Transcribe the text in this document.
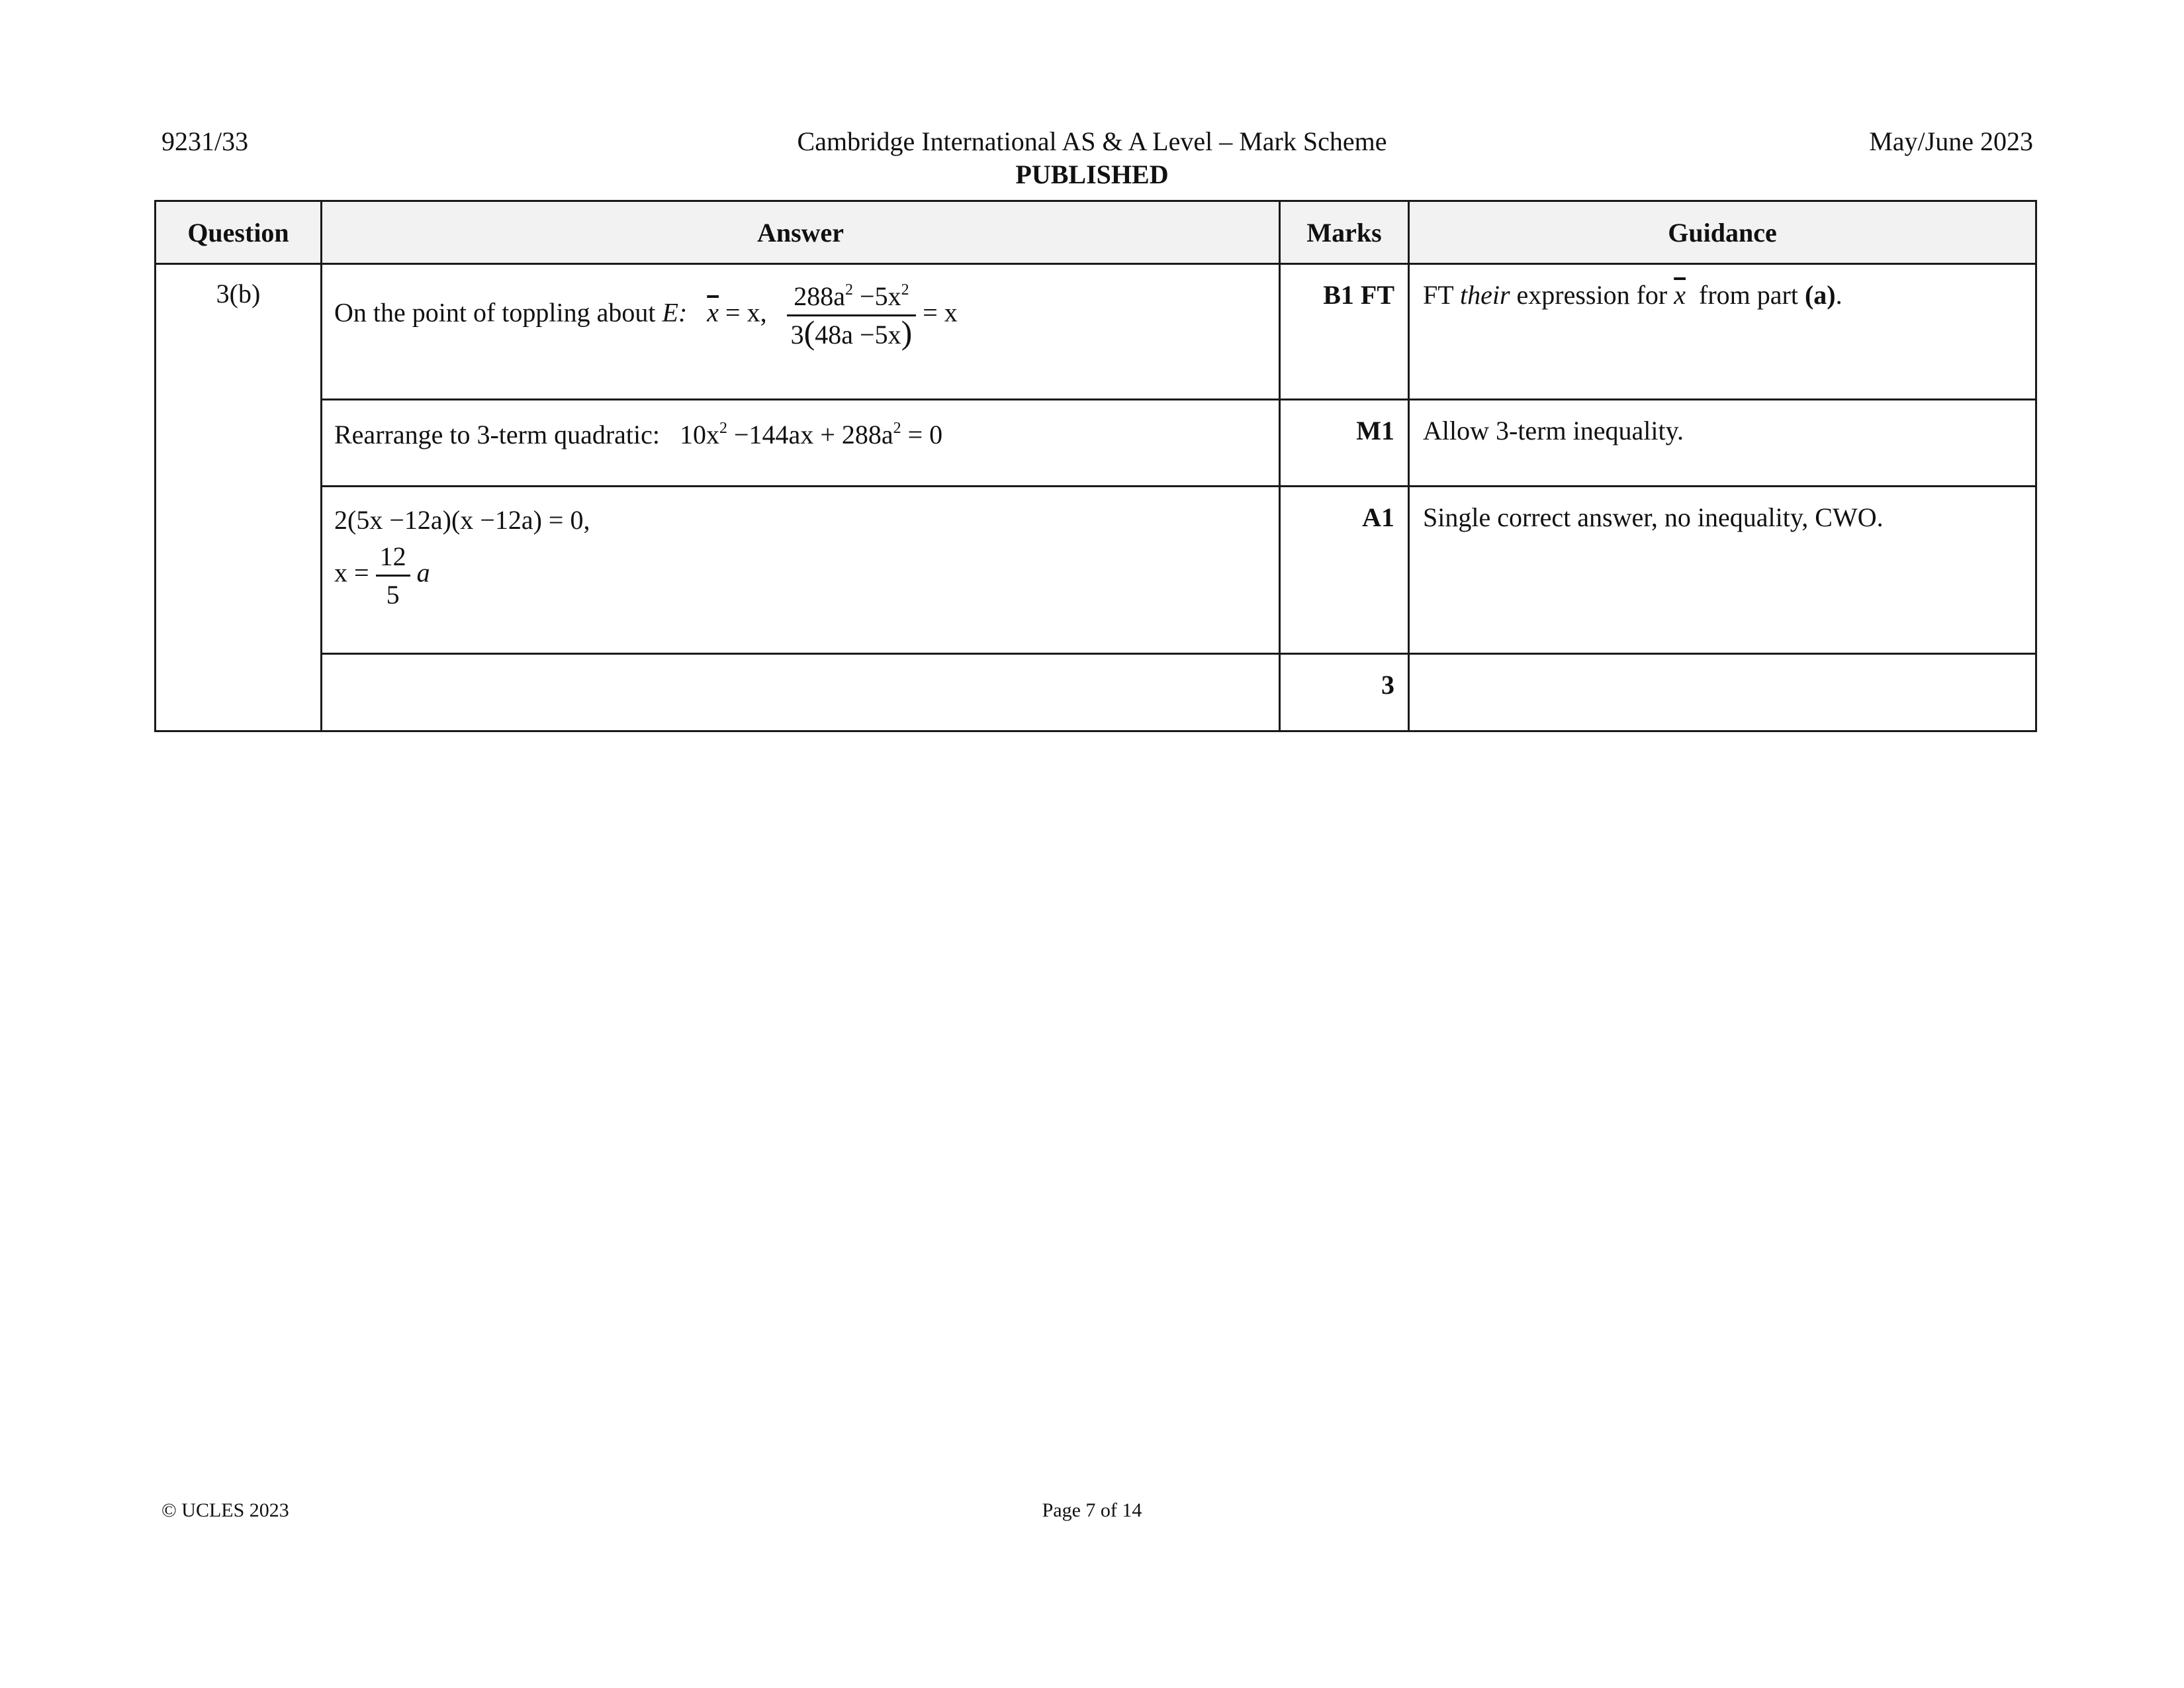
9231/33	Cambridge International AS & A Level – Mark Scheme	May/June 2023
PUBLISHED
Question	Answer	Marks	Guidance
3(b)	On the point of toppling about E: $\overline{x} = x$, $\frac{288a^2 -5x^2}{3(48a -5x)} = x$	B1 FT	FT their expression for $\overline{x}$ from part (a).

	Rearrange to 3-term quadratic: $10x^2 -144ax + 288a^2 = 0$	M1	Allow 3-term inequality.

	2(5x −12a)(x −12a) = 0,
$x = \frac{12}{5}$ a	A1	Single correct answer, no inequality, CWO.
		3	
© UCLES 2023	Page 7 of 14
